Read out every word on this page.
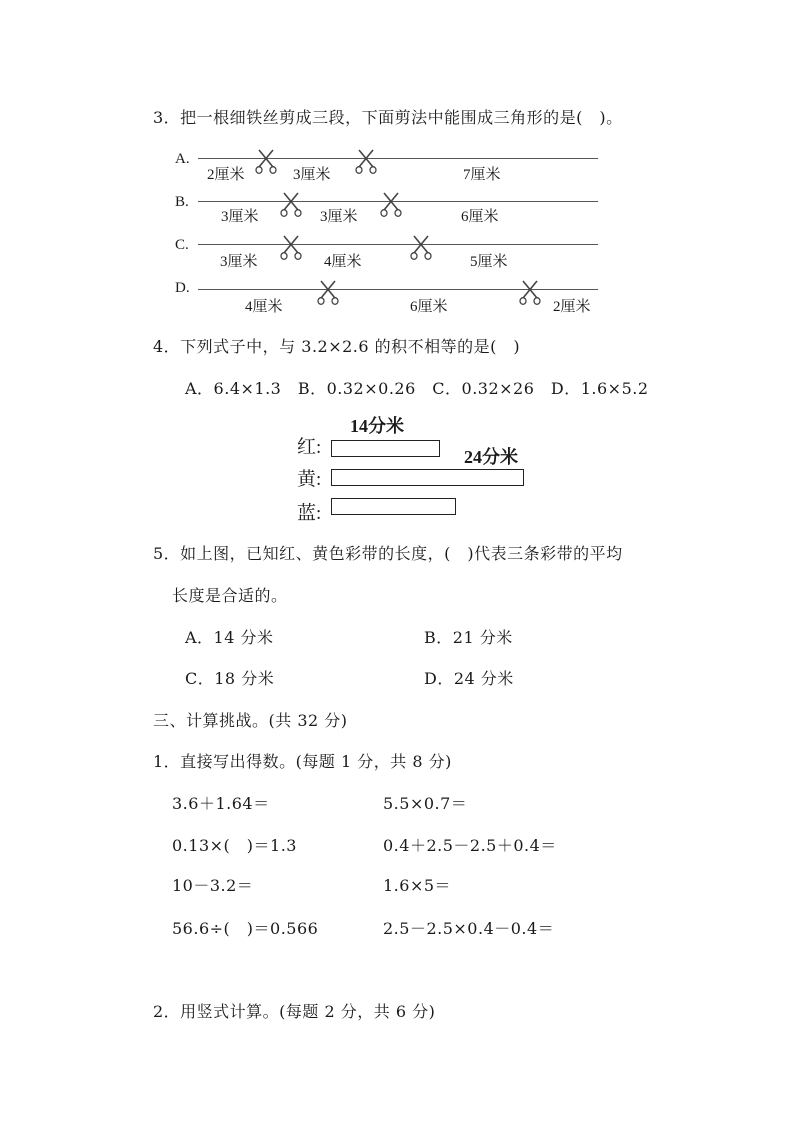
3．把一根细铁丝剪成三段，下面剪法中能围成三角形的是(　)。
A.
2厘米	3厘米	7厘米
B.
3厘米	3厘米	6厘米
C.
3厘米	4厘米	5厘米
D.
4厘米	6厘米	2厘米
4．下列式子中，与 3.2×2.6 的积不相等的是(　)
A．6.4×1.3　B．0.32×0.26　C．0.32×26　D．1.6×5.2
14分米
红:	24分米
黄:
蓝:
5．如上图，已知红、黄色彩带的长度，(　)代表三条彩带的平均
长度是合适的。
A．14 分米	B．21 分米
C．18 分米	D．24 分米
三、计算挑战。(共 32 分)
1．直接写出得数。(每题 1 分，共 8 分)
3.6＋1.64＝	5.5×0.7＝
0.13×(　)＝1.3	0.4＋2.5－2.5＋0.4＝
10－3.2＝	1.6×5＝
56.6÷(　)＝0.566	2.5－2.5×0.4－0.4＝
2．用竖式计算。(每题 2 分，共 6 分)
